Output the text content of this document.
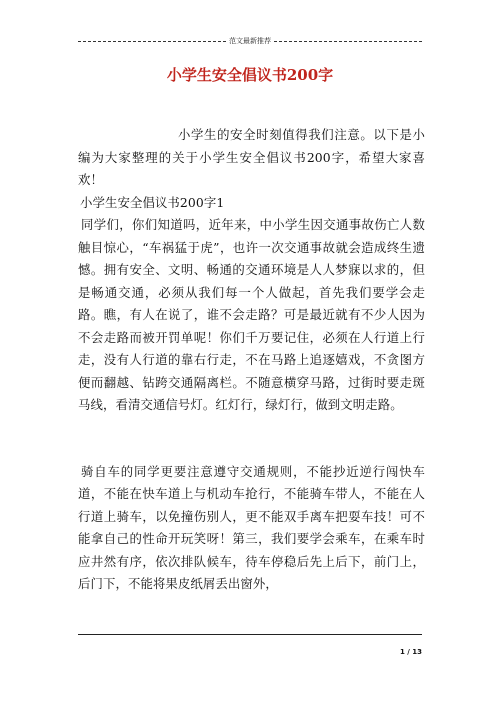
范文最新推荐
小学生安全倡议书200字

小学生的安全时刻值得我们注意。以下是小编为大家整理的关于小学生安全倡议书200字，希望大家喜欢！

小学生安全倡议书200字1

同学们，你们知道吗，近年来，中小学生因交通事故伤亡人数触目惊心，“车祸猛于虎”，也许一次交通事故就会造成终生遗憾。拥有安全、文明、畅通的交通环境是人人梦寐以求的，但是畅通交通，必须从我们每一个人做起，首先我们要学会走路。瞧，有人在说了，谁不会走路？可是最近就有不少人因为不会走路而被开罚单呢！你们千万要记住，必须在人行道上行走，没有人行道的靠右行走，不在马路上追逐嬉戏，不贪图方便而翻越、钻跨交通隔离栏。不随意横穿马路，过街时要走斑马线，看清交通信号灯。红灯行，绿灯行，做到文明走路。

骑自车的同学更要注意遵守交通规则，不能抄近逆行闯快车道，不能在快车道上与机动车抢行，不能骑车带人，不能在人行道上骑车，以免撞伤别人，更不能双手离车把耍车技！可不能拿自己的性命开玩笑呀！第三，我们要学会乘车，在乘车时应井然有序，依次排队候车，待车停稳后先上后下，前门上，后门下，不能将果皮纸屑丢出窗外，

1 / 13
